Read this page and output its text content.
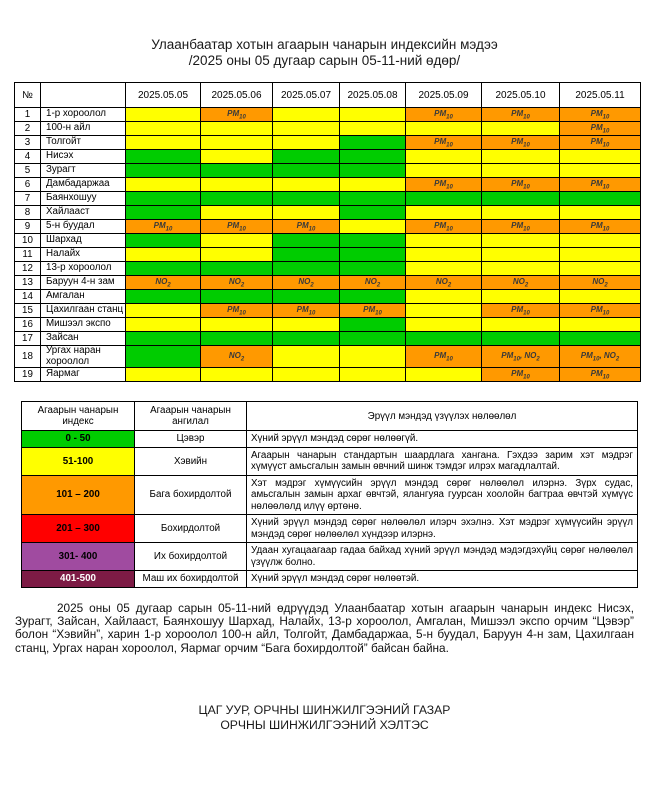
Улаанбаатар хотын агаарын чанарын индексийн мэдээ
/2025 оны 05 дугаар сарын 05-11-ний өдөр/
№		2025.05.05	2025.05.06	2025.05.07	2025.05.08	2025.05.09	2025.05.10	2025.05.11
1	1-р хороолол		$PM_{10}$			$PM_{10}$	$PM_{10}$	$PM_{10}$
2	100-н айл							$PM_{10}$
3	Толгойт					$PM_{10}$	$PM_{10}$	$PM_{10}$
4	Нисэх							
5	Зурагт							
6	Дамбадаржаа					$PM_{10}$	$PM_{10}$	$PM_{10}$
7	Баянхошуу							
8	Хайлааст							
9	5-н буудал	$PM_{10}$	$PM_{10}$	$PM_{10}$		$PM_{10}$	$PM_{10}$	$PM_{10}$
10	Шархад							
11	Налайх							
12	13-р хороолол							
13	Баруун 4-н зам	$NO_2$	$NO_2$	$NO_2$	$NO_2$	$NO_2$	$NO_2$	$NO_2$
14	Амгалан							
15	Цахилгаан станц		$PM_{10}$	$PM_{10}$	$PM_{10}$		$PM_{10}$	$PM_{10}$
16	Мишээл экспо							
17	Зайсан							
18	Ургах наран хороолол		$NO_2$			$PM_{10}$	$PM_{10}$, $NO_2$	$PM_{10}$, $NO_2$
19	Яармаг						$PM_{10}$	$PM_{10}$
Агаарын чанарын индекс	Агаарын чанарын ангилал	Эрүүл мэндэд үзүүлэх нөлөөлөл
0 - 50	Цэвэр	Хүний эрүүл мэндэд сөрөг нөлөөгүй.
51-100	Хэвийн	Агаарын чанарын стандартын шаардлага хангана. Гэхдээ зарим хэт мэдрэг хүмүүст амьсгалын замын өвчний шинж тэмдэг илрэх магадлалтай.
101 – 200	Бага бохирдолтой	Хэт мэдрэг хүмүүсийн эрүүл мэндэд сөрөг нөлөөлөл илэрнэ. Зүрх судас, амьсгалын замын архаг өвчтэй, ялангуяа гуурсан хоолойн багтраа өвчтэй хүмүүс нөлөөлөлд илүү өртөнө.
201 – 300	Бохирдолтой	Хүний эрүүл мэндэд сөрөг нөлөөлөл илэрч эхэлнэ. Хэт мэдрэг хүмүүсийн эрүүл мэндэд сөрөг нөлөөлөл хүндээр илэрнэ.
301- 400	Их бохирдолтой	Удаан хугацаагаар гадаа байхад хүний эрүүл мэндэд мэдэгдэхүйц сөрөг нөлөөлөл үзүүлж болно.
401-500	Маш их бохирдолтой	Хүний эрүүл мэндэд сөрөг нөлөөтэй.

2025 оны 05 дугаар сарын 05-11-ний өдрүүдэд Улаанбаатар хотын агаарын чанарын индекс Нисэх, Зурагт, Зайсан, Хайлааст, Баянхошуу Шархад, Налайх, 13-р хороолол, Амгалан, Мишээл экспо орчим “Цэвэр” болон “Хэвийн”, харин 1-р хороолол 100-н айл, Толгойт, Дамбадаржаа, 5-н буудал, Баруун 4-н зам, Цахилгаан станц, Ургах наран хороолол, Яармаг орчим “Бага бохирдолтой” байсан байна.

ЦАГ УУР, ОРЧНЫ ШИНЖИЛГЭЭНИЙ ГАЗАР
ОРЧНЫ ШИНЖИЛГЭЭНИЙ ХЭЛТЭС
